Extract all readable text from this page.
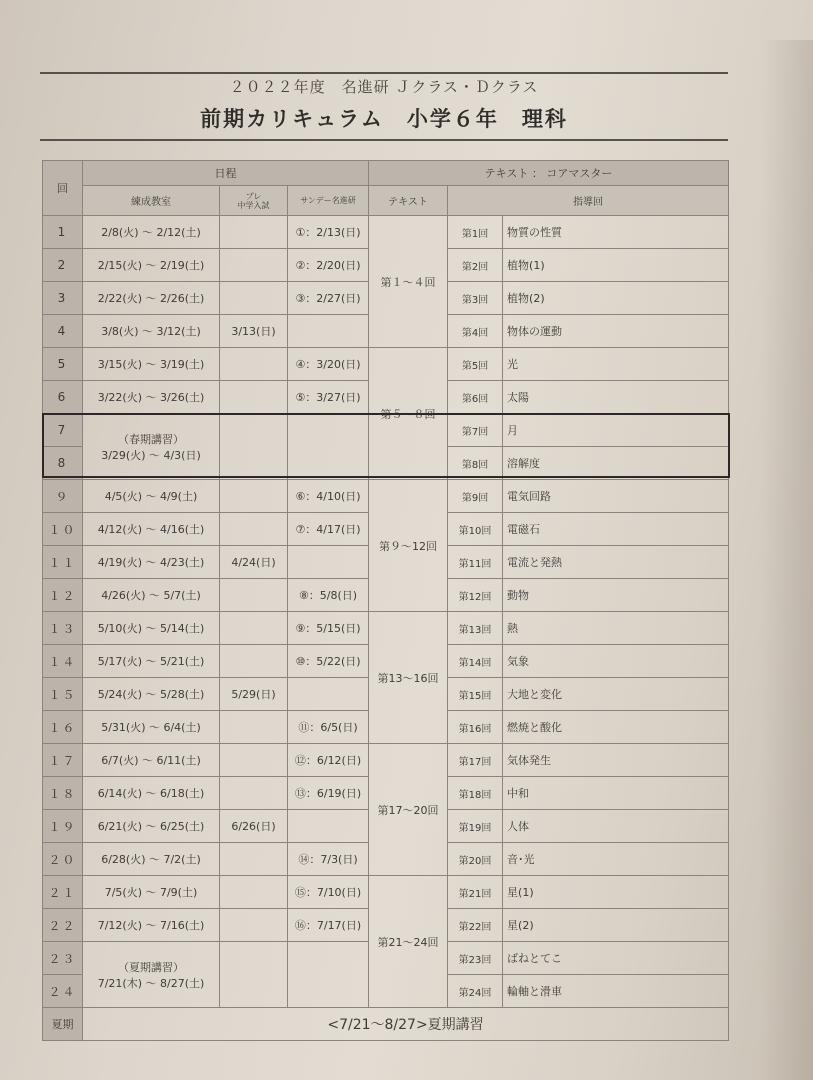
２０２２年度　名進研 Ｊクラス・Ｄクラス
前期カリキュラム　小学６年　理科
回	日程			テキスト ： コアマスター		
	練成教室	プレ
中学入試	サンデー名進研	テキスト	指導回	
1	2/8(火) ～ 2/12(土)		①：2/13(日)	第１～４回	第1回	物質の性質
2	2/15(火) ～ 2/19(土)		②：2/20(日)		第2回	植物(1)
3	2/22(火) ～ 2/26(土)		③：2/27(日)		第3回	植物(2)
4	3/8(火) ～ 3/12(土)	3/13(日)			第4回	物体の運動
5	3/15(火) ～ 3/19(土)		④：3/20(日)	第５～８回	第5回	光
6	3/22(火) ～ 3/26(土)		⑤：3/27(日)		第6回	太陽
7	（春期講習）
3/29(火) ～ 4/3(日)				第7回	月
8					第8回	溶解度
９	4/5(火) ～ 4/9(土)		⑥：4/10(日)	第９～12回	第9回	電気回路
１０	4/12(火) ～ 4/16(土)		⑦：4/17(日)		第10回	電磁石
１１	4/19(火) ～ 4/23(土)	4/24(日)			第11回	電流と発熱
１２	4/26(火) ～ 5/7(土)		⑧：5/8(日)		第12回	動物
１３	5/10(火) ～ 5/14(土)		⑨：5/15(日)	第13～16回	第13回	熱
１４	5/17(火) ～ 5/21(土)		⑩：5/22(日)		第14回	気象
１５	5/24(火) ～ 5/28(土)	5/29(日)			第15回	大地と変化
１６	5/31(火) ～ 6/4(土)		⑪：6/5(日)		第16回	燃焼と酸化
１７	6/7(火) ～ 6/11(土)		⑫：6/12(日)	第17～20回	第17回	気体発生
１８	6/14(火) ～ 6/18(土)		⑬：6/19(日)		第18回	中和
１９	6/21(火) ～ 6/25(土)	6/26(日)			第19回	人体
２０	6/28(火) ～ 7/2(土)		⑭：7/3(日)		第20回	音･光
２１	7/5(火) ～ 7/9(土)		⑮：7/10(日)	第21～24回	第21回	星(1)
２２	7/12(火) ～ 7/16(土)		⑯：7/17(日)		第22回	星(2)
２３	（夏期講習）
7/21(木) ～ 8/27(土)				第23回	ばねとてこ
２４					第24回	輪軸と滑車
夏期	<7/21～8/27>夏期講習					
